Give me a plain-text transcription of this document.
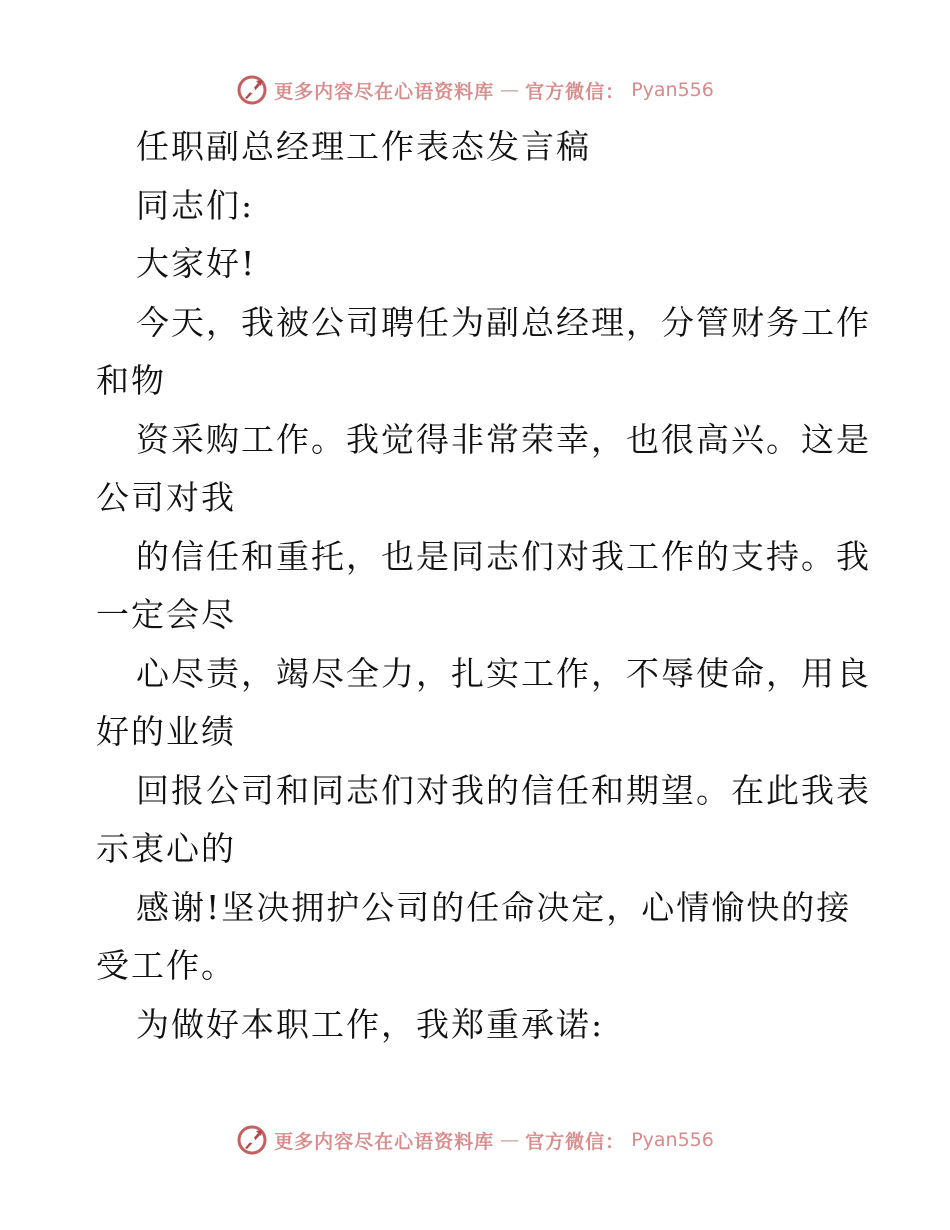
更多内容尽在心语资料库 — 官方微信： Pyan556
任职副总经理工作表态发言稿
同志们:
大家好!
今天，我被公司聘任为副总经理，分管财务工作
和物
资采购工作。我觉得非常荣幸，也很高兴。这是
公司对我
的信任和重托，也是同志们对我工作的支持。我
一定会尽
心尽责，竭尽全力，扎实工作，不辱使命，用良
好的业绩
回报公司和同志们对我的信任和期望。在此我表
示衷心的
感谢!坚决拥护公司的任命决定，心情愉快的接
受工作。
为做好本职工作，我郑重承诺:
更多内容尽在心语资料库 — 官方微信： Pyan556
